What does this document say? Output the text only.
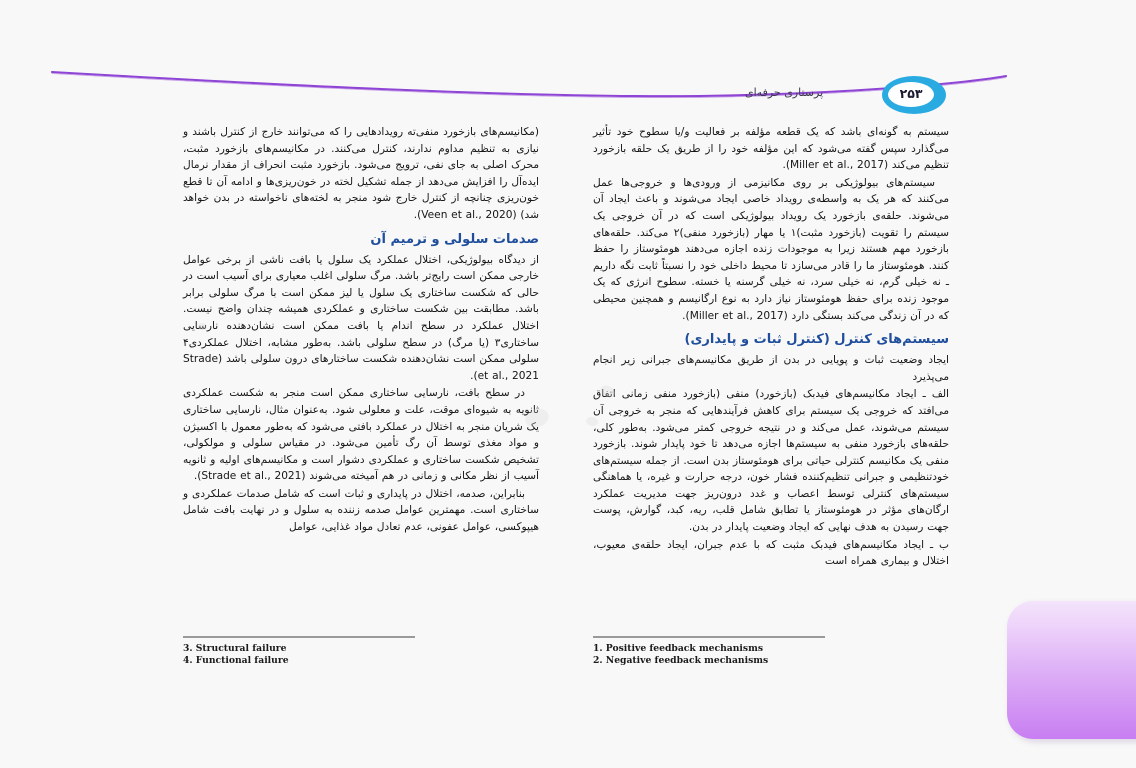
۲۵۳
پرستاری حرفه‌ای

سیستم به گونه‌ای باشد که یک قطعه مؤلفه بر فعالیت و/یا سطوح خود تأثیر می‌گذارد سپس گفته می‌شود که این مؤلفه خود را از طریق یک حلقه بازخورد تنظیم می‌کند (Miller et al., 2017).

سیستم‌های بیولوژیکی بر روی مکانیزمی از ورودی‌ها و خروجی‌ها عمل می‌کنند که هر یک به واسطه‌ی رویداد خاصی ایجاد می‌شوند و باعث ایجاد آن می‌شوند. حلقه‌ی بازخورد یک رویداد بیولوژیکی است که در آن خروجی یک سیستم را تقویت (بازخورد مثبت)۱ یا مهار (بازخورد منفی)۲ می‌کند. حلقه‌های بازخورد مهم هستند زیرا به موجودات زنده اجازه می‌دهند هومئوستاز را حفظ کنند. هومئوستاز ما را قادر می‌سازد تا محیط داخلی خود را نسبتاً ثابت نگه داریم ـ نه خیلی گرم، نه خیلی سرد، نه خیلی گرسنه یا خسته. سطوح انرژی که یک موجود زنده برای حفظ هومئوستاز نیاز دارد به نوع ارگانیسم و همچنین محیطی که در آن زندگی می‌کند بستگی دارد (Miller et al., 2017).

سیستم‌های کنترل (کنترل ثبات و پایداری)

ایجاد وضعیت ثبات و پویایی در بدن از طریق مکانیسم‌های جبرانی زیر انجام می‌پذیرد

الف ـ ایجاد مکانیسم‌های فیدبک (بازخورد) منفی (بازخورد منفی زمانی اتفاق می‌افتد که خروجی یک سیستم برای کاهش فرآیندهایی که منجر به خروجی آن سیستم می‌شوند، عمل می‌کند و در نتیجه خروجی کمتر می‌شود. به‌طور کلی، حلقه‌های بازخورد منفی به سیستم‌ها اجازه می‌دهد تا خود پایدار شوند. بازخورد منفی یک مکانیسم کنترلی حیاتی برای هومئوستاز بدن است. از جمله سیستم‌های خودتنظیمی و جبرانی تنظیم‌کننده فشار خون، درجه حرارت و غیره، یا هماهنگی سیستم‌های کنترلی توسط اعصاب و غدد درون‌ریز جهت مدیریت عملکرد ارگان‌های مؤثر در هومئوستاز یا تطابق شامل قلب، ریه، کبد، گوارش، پوست جهت رسیدن به هدف نهایی که ایجاد وضعیت پایدار در بدن.

ب ـ ایجاد مکانیسم‌های فیدبک مثبت که با عدم جبران، ایجاد حلقه‌ی معیوب، اختلال و بیماری همراه است

(مکانیسم‌های بازخورد منفی‌ته رویدادهایی را که می‌توانند خارج از کنترل باشند و نیازی به تنظیم مداوم ندارند، کنترل می‌کنند. در مکانیسم‌های بازخورد مثبت، محرک اصلی به جای نفی، ترویج می‌شود. بازخورد مثبت انحراف از مقدار نرمال ایده‌آل را افزایش می‌دهد از جمله تشکیل لخته در خون‌ریزی‌ها و ادامه آن تا قطع خون‌ریزی چنانچه از کنترل خارج شود منجر به لخته‌های ناخواسته در بدن خواهد شد) (Veen et al., 2020).

صدمات سلولی و ترمیم آن

از دیدگاه بیولوژیکی، اختلال عملکرد یک سلول یا بافت ناشی از برخی عوامل خارجی ممکن است رایج‌تر باشد. مرگ سلولی اغلب معیاری برای آسیب است در حالی که شکست ساختاری یک سلول یا لیز ممکن است با مرگ سلولی برابر باشد. مطابقت بین شکست ساختاری و عملکردی همیشه چندان واضح نیست. اختلال عملکرد در سطح اندام یا بافت ممکن است نشان‌دهنده نارسایی ساختاری۳ (یا مرگ) در سطح سلولی باشد. به‌طور مشابه، اختلال عملکردی۴ سلولی ممکن است نشان‌دهنده شکست ساختارهای درون سلولی باشد (Strade et al., 2021).

در سطح بافت، نارسایی ساختاری ممکن است منجر به شکست عملکردی ثانویه به شیوه‌ای موقت، علت و معلولی شود. به‌عنوان مثال، نارسایی ساختاری یک شریان منجر به اختلال در عملکرد بافتی می‌شود که به‌طور معمول با اکسیژن و مواد مغذی توسط آن رگ تأمین می‌شود. در مقیاس سلولی و مولکولی، تشخیص شکست ساختاری و عملکردی دشوار است و مکانیسم‌های اولیه و ثانویه آسیب از نظر مکانی و زمانی در هم آمیخته می‌شوند (Strade et al., 2021).

بنابراین، صدمه، اختلال در پایداری و ثبات است که شامل صدمات عملکردی و ساختاری است. مهمترین عوامل صدمه زننده به سلول و در نهایت بافت شامل هیپوکسی، عوامل عفونی، عدم تعادل مواد غذایی، عوامل

1. Positive feedback mechanisms
2. Negative feedback mechanisms
3. Structural failure
4. Functional failure
